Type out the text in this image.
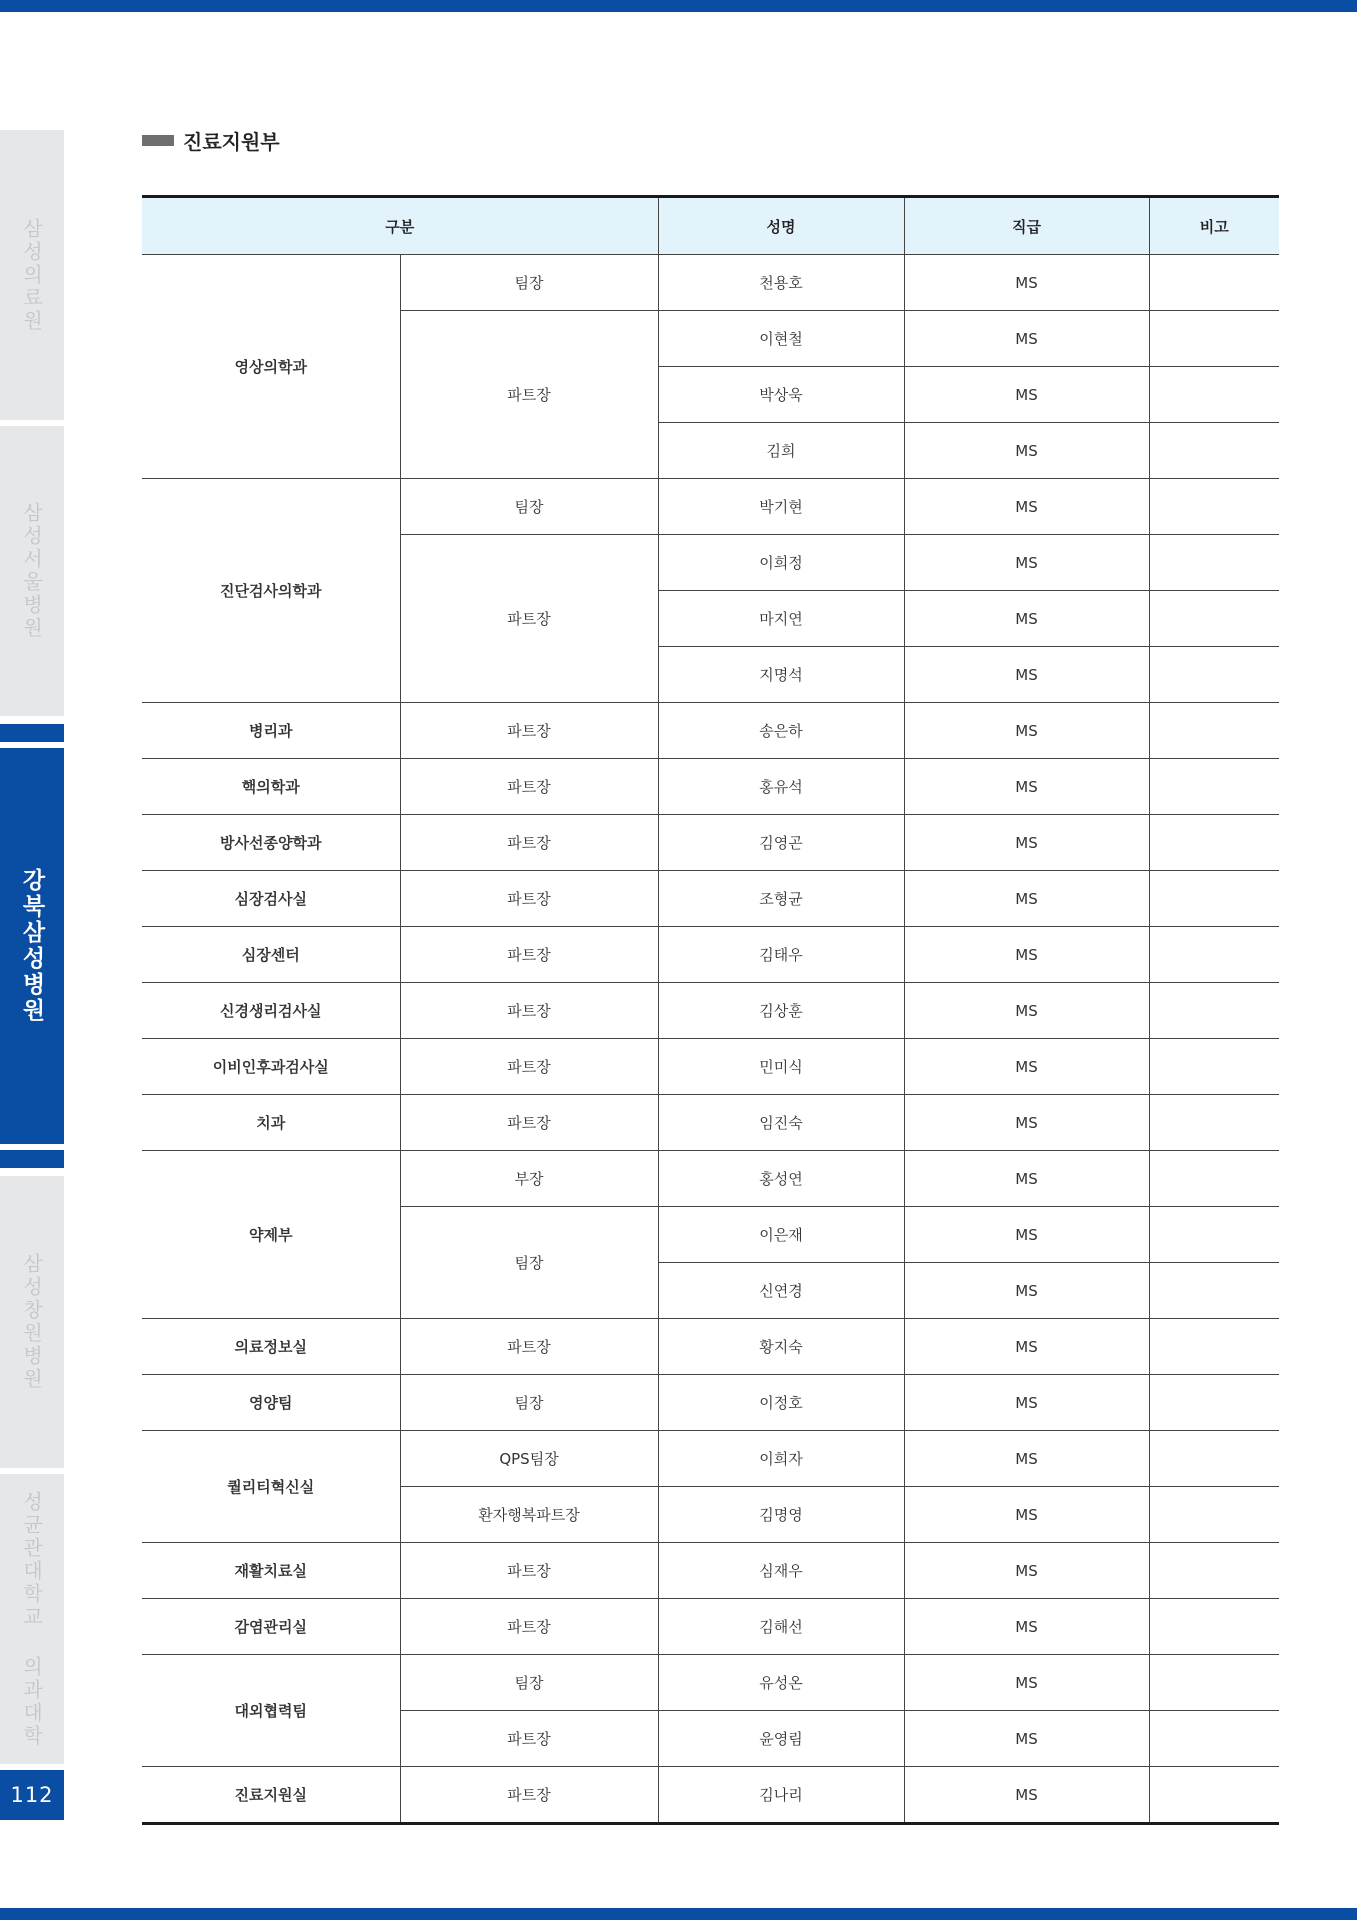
삼성의료원
삼성서울병원
강북삼성병원
삼성창원병원
성균관대학교 의과대학
112
진료지원부
구분		성명	직급	비고
영상의학과	팀장	천용호	MS	
	파트장	이현철	MS	
		박상욱	MS	
		김희	MS	
진단검사의학과	팀장	박기현	MS	
	파트장	이희정	MS	
		마지연	MS	
		지명석	MS	
병리과	파트장	송은하	MS	
핵의학과	파트장	홍유석	MS	
방사선종양학과	파트장	김영곤	MS	
심장검사실	파트장	조형균	MS	
심장센터	파트장	김태우	MS	
신경생리검사실	파트장	김상훈	MS	
이비인후과검사실	파트장	민미식	MS	
치과	파트장	임진숙	MS	
약제부	부장	홍성연	MS	
	팀장	이은재	MS	
		신연경	MS	
의료정보실	파트장	황지숙	MS	
영양팀	팀장	이정호	MS	
퀄리티혁신실	QPS팀장	이희자	MS	
	환자행복파트장	김명영	MS	
재활치료실	파트장	심재우	MS	
감염관리실	파트장	김해선	MS	
대외협력팀	팀장	유성온	MS	
	파트장	윤영림	MS	
진료지원실	파트장	김나리	MS	
